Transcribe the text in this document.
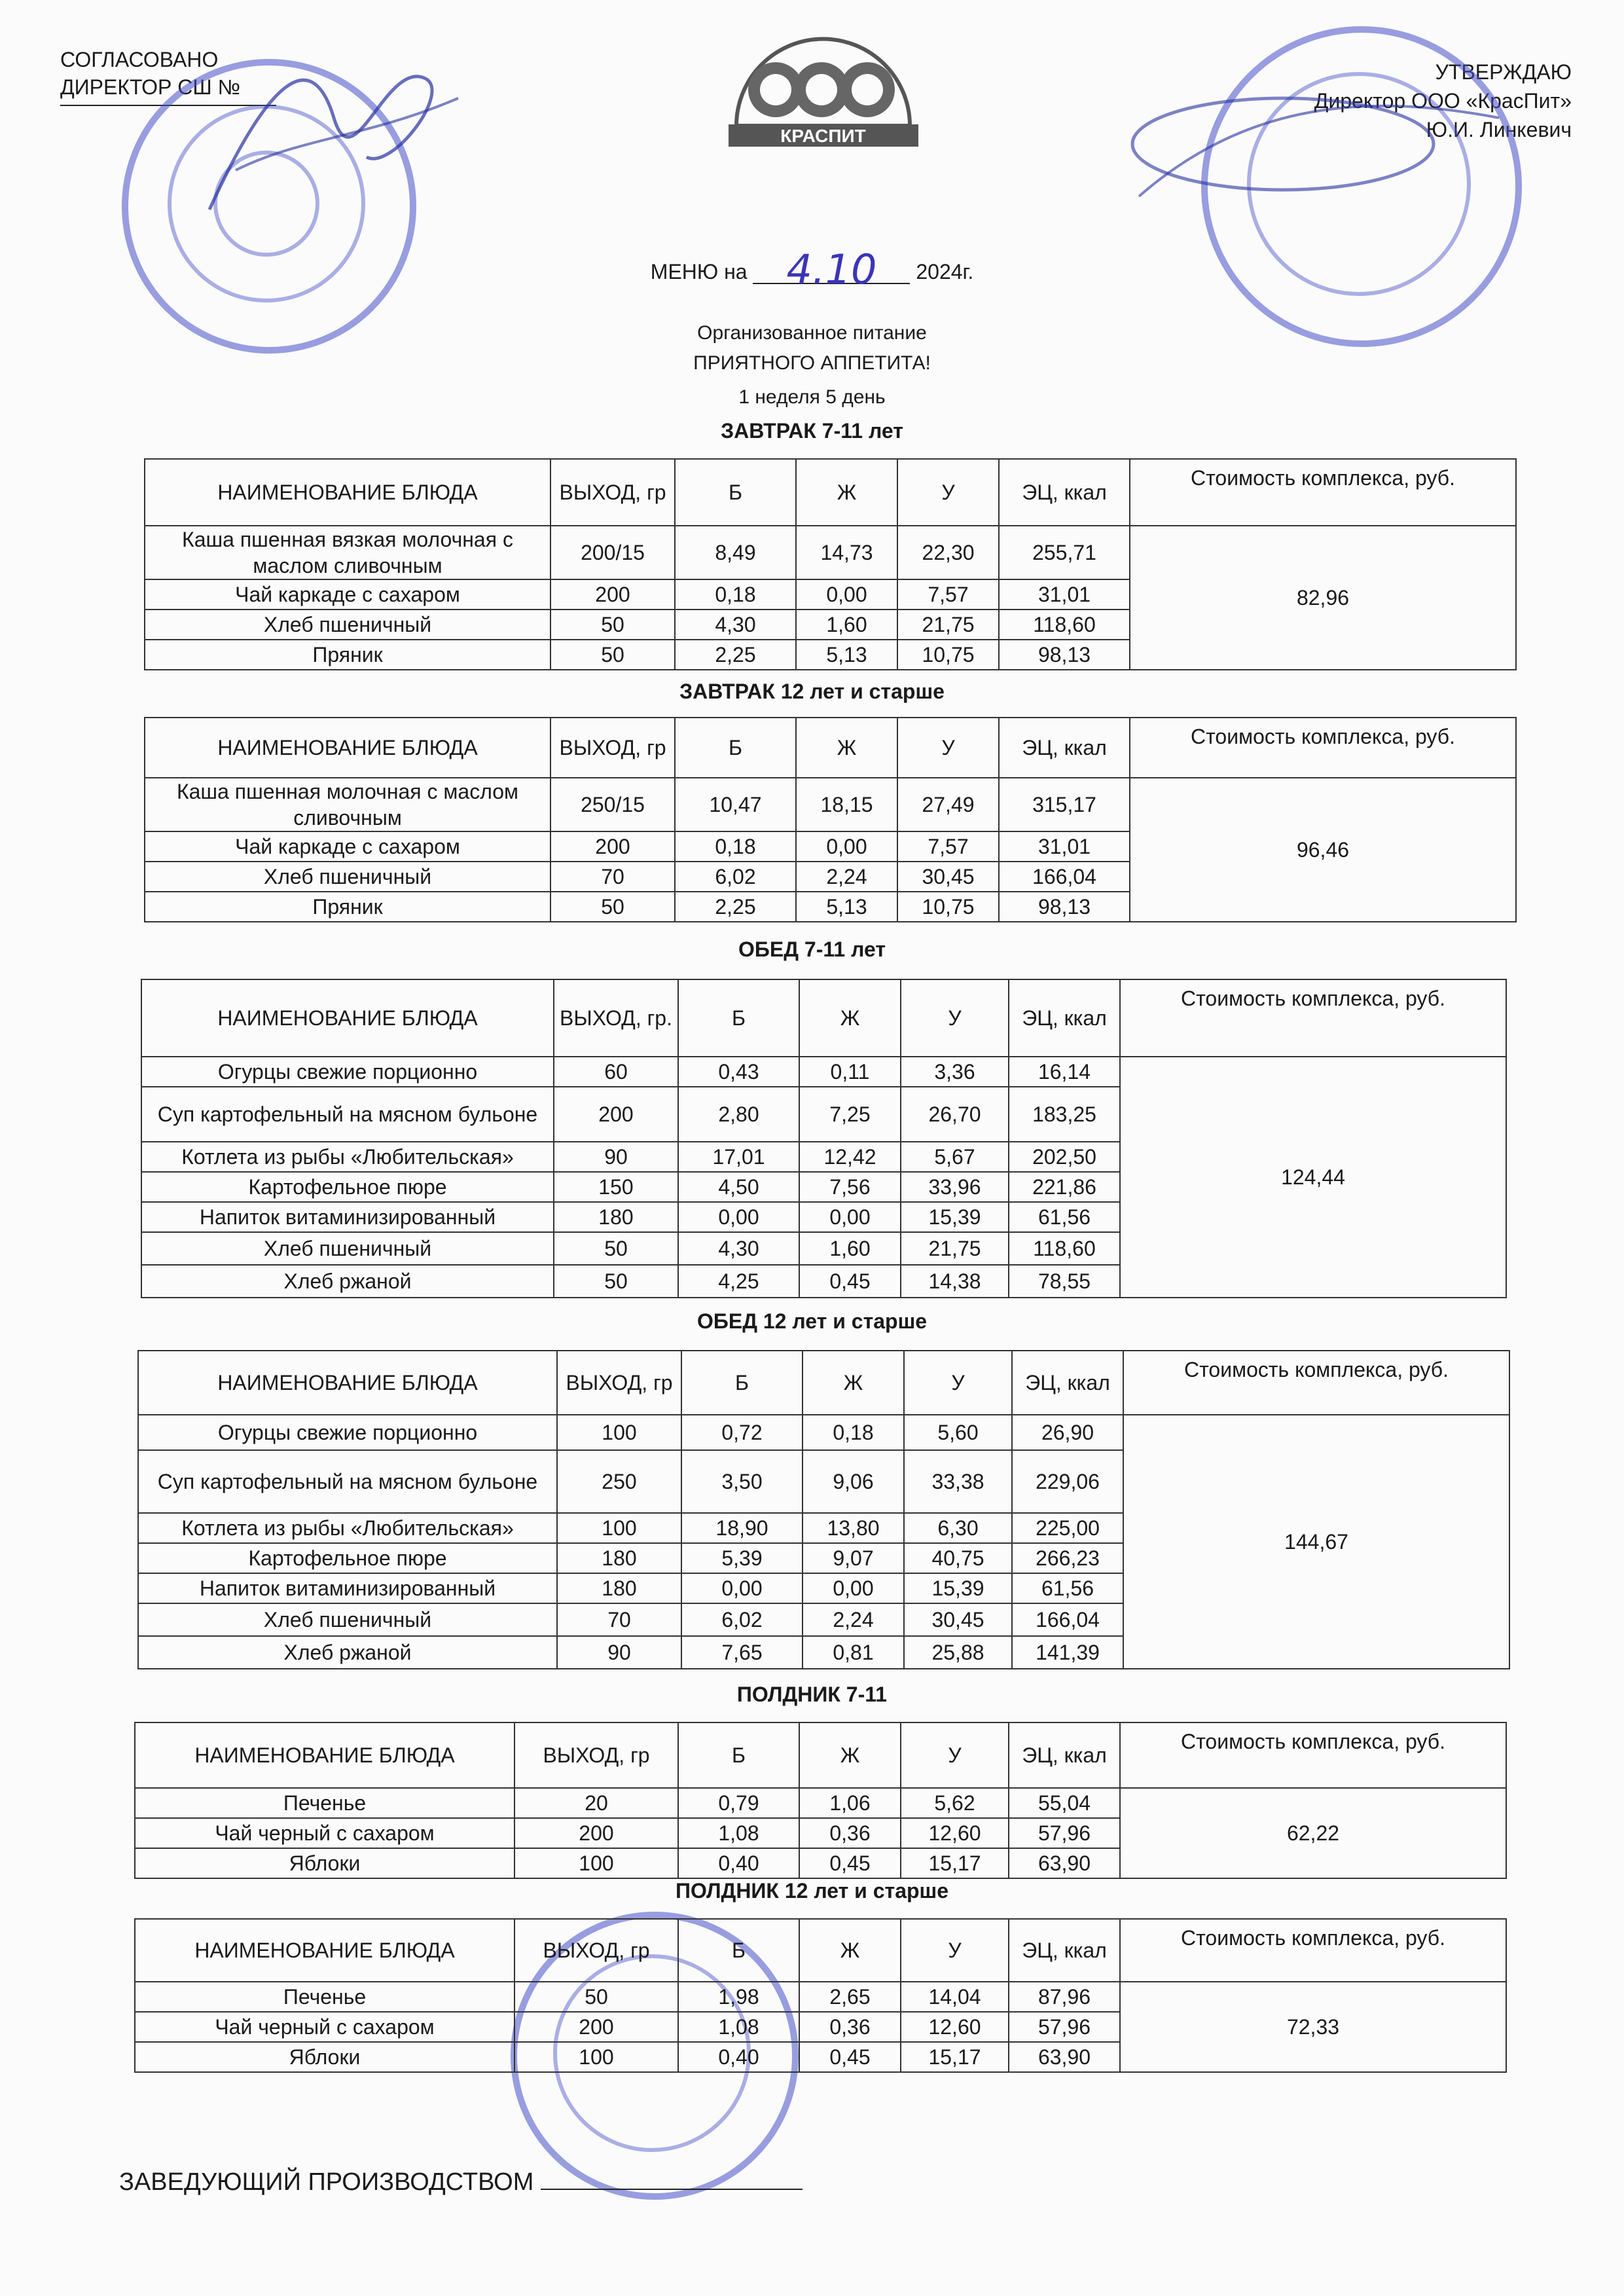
СОГЛАСОВАНО
ДИРЕКТОР СШ №
КРАСПИТ
УТВЕРЖДАЮ
Директор ООО «КрасПит»
Ю.И. Линкевич
МЕНЮ на 4.10 2024г.
Организованное питание
ПРИЯТНОГО АППЕТИТА!
1 неделя 5 день
ЗАВТРАК 7-11 лет
НАИМЕНОВАНИЕ БЛЮДА	ВЫХОД, гр	Б	Ж	У	ЭЦ, ккал	Стоимость комплекса, руб.
Каша пшенная вязкая молочная с маслом сливочным	200/15	8,49	14,73	22,30	255,71	82,96
Чай каркаде с сахаром	200	0,18	0,00	7,57	31,01	
Хлеб пшеничный	50	4,30	1,60	21,75	118,60	
Пряник	50	2,25	5,13	10,75	98,13	
ЗАВТРАК 12 лет и старше
НАИМЕНОВАНИЕ БЛЮДА	ВЫХОД, гр	Б	Ж	У	ЭЦ, ккал	Стоимость комплекса, руб.
Каша пшенная молочная с маслом сливочным	250/15	10,47	18,15	27,49	315,17	96,46
Чай каркаде с сахаром	200	0,18	0,00	7,57	31,01	
Хлеб пшеничный	70	6,02	2,24	30,45	166,04	
Пряник	50	2,25	5,13	10,75	98,13	
ОБЕД 7-11 лет
НАИМЕНОВАНИЕ БЛЮДА	ВЫХОД, гр.	Б	Ж	У	ЭЦ, ккал	Стоимость комплекса, руб.
Огурцы свежие порционно	60	0,43	0,11	3,36	16,14	124,44
Суп картофельный на мясном бульоне	200	2,80	7,25	26,70	183,25	
Котлета из рыбы «Любительская»	90	17,01	12,42	5,67	202,50	
Картофельное пюре	150	4,50	7,56	33,96	221,86	
Напиток витаминизированный	180	0,00	0,00	15,39	61,56	
Хлеб пшеничный	50	4,30	1,60	21,75	118,60	
Хлеб ржаной	50	4,25	0,45	14,38	78,55	
ОБЕД 12 лет и старше
НАИМЕНОВАНИЕ БЛЮДА	ВЫХОД, гр	Б	Ж	У	ЭЦ, ккал	Стоимость комплекса, руб.
Огурцы свежие порционно	100	0,72	0,18	5,60	26,90	144,67
Суп картофельный на мясном бульоне	250	3,50	9,06	33,38	229,06	
Котлета из рыбы «Любительская»	100	18,90	13,80	6,30	225,00	
Картофельное пюре	180	5,39	9,07	40,75	266,23	
Напиток витаминизированный	180	0,00	0,00	15,39	61,56	
Хлеб пшеничный	70	6,02	2,24	30,45	166,04	
Хлеб ржаной	90	7,65	0,81	25,88	141,39	
ПОЛДНИК 7-11
НАИМЕНОВАНИЕ БЛЮДА	ВЫХОД, гр	Б	Ж	У	ЭЦ, ккал	Стоимость комплекса, руб.
Печенье	20	0,79	1,06	5,62	55,04	62,22
Чай черный с сахаром	200	1,08	0,36	12,60	57,96	
Яблоки	100	0,40	0,45	15,17	63,90	
ПОЛДНИК 12 лет и старше
НАИМЕНОВАНИЕ БЛЮДА	ВЫХОД, гр	Б	Ж	У	ЭЦ, ккал	Стоимость комплекса, руб.
Печенье	50	1,98	2,65	14,04	87,96	72,33
Чай черный с сахаром	200	1,08	0,36	12,60	57,96	
Яблоки	100	0,40	0,45	15,17	63,90	
ЗАВЕДУЮЩИЙ ПРОИЗВОДСТВОМ
